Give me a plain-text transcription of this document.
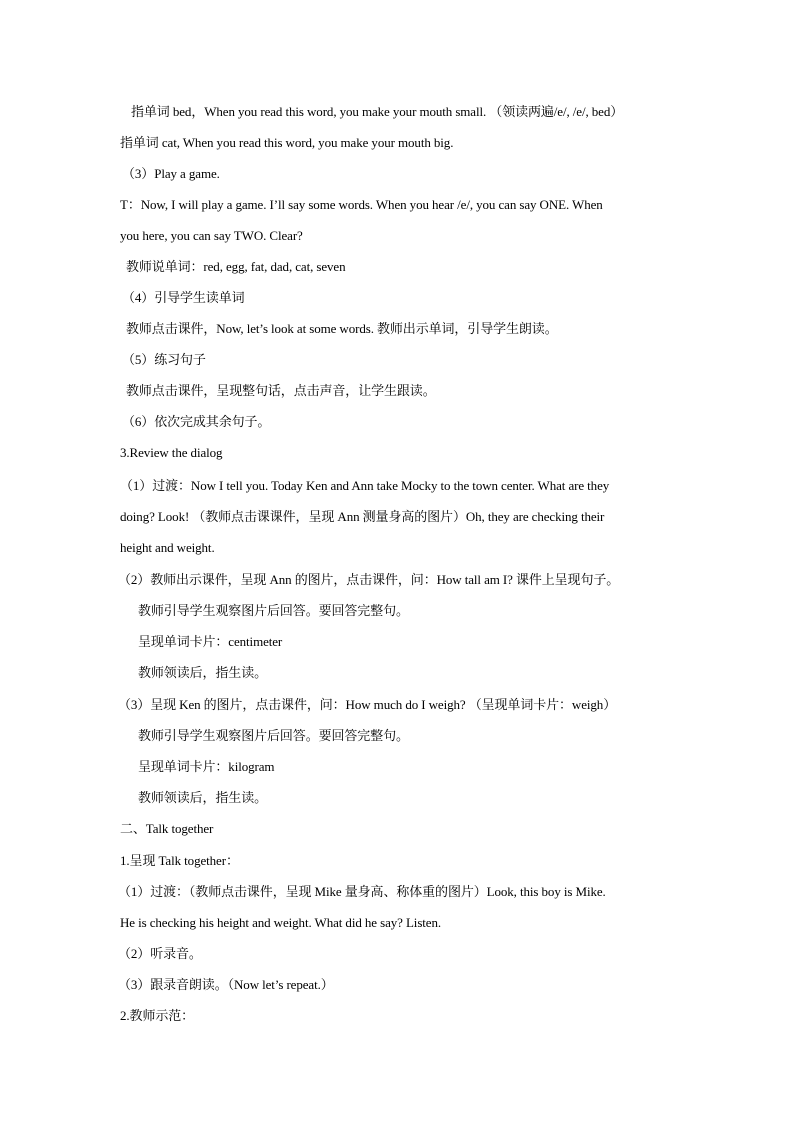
指单词 bed，When you read this word, you make your mouth small. （领读两遍/e/, /e/, bed）
指单词 cat, When you read this word, you make your mouth big.
（3）Play a game.
T：Now, I will play a game. I’ll say some words. When you hear /e/, you can say ONE. When
you here, you can say TWO. Clear?
教师说单词：red, egg, fat, dad, cat, seven
（4）引导学生读单词
教师点击课件，Now, let’s look at some words. 教师出示单词，引导学生朗读。
（5）练习句子
教师点击课件，呈现整句话，点击声音，让学生跟读。
（6）依次完成其余句子。
3.Review the dialog
（1）过渡：Now I tell you. Today Ken and Ann take Mocky to the town center. What are they
doing? Look! （教师点击课课件，呈现 Ann 测量身高的图片）Oh, they are checking their
height and weight.
（2）教师出示课件，呈现 Ann 的图片，点击课件，问：How tall am I? 课件上呈现句子。
教师引导学生观察图片后回答。要回答完整句。
呈现单词卡片：centimeter
教师领读后，指生读。
（3）呈现 Ken 的图片，点击课件，问：How much do I weigh? （呈现单词卡片：weigh）
教师引导学生观察图片后回答。要回答完整句。
呈现单词卡片：kilogram
教师领读后，指生读。
二、Talk together
1.呈现 Talk together：
（1）过渡：（教师点击课件，呈现 Mike 量身高、称体重的图片）Look, this boy is Mike.
He is checking his height and weight. What did he say? Listen.
（2）听录音。
（3）跟录音朗读。（Now let’s repeat.）
2.教师示范：
